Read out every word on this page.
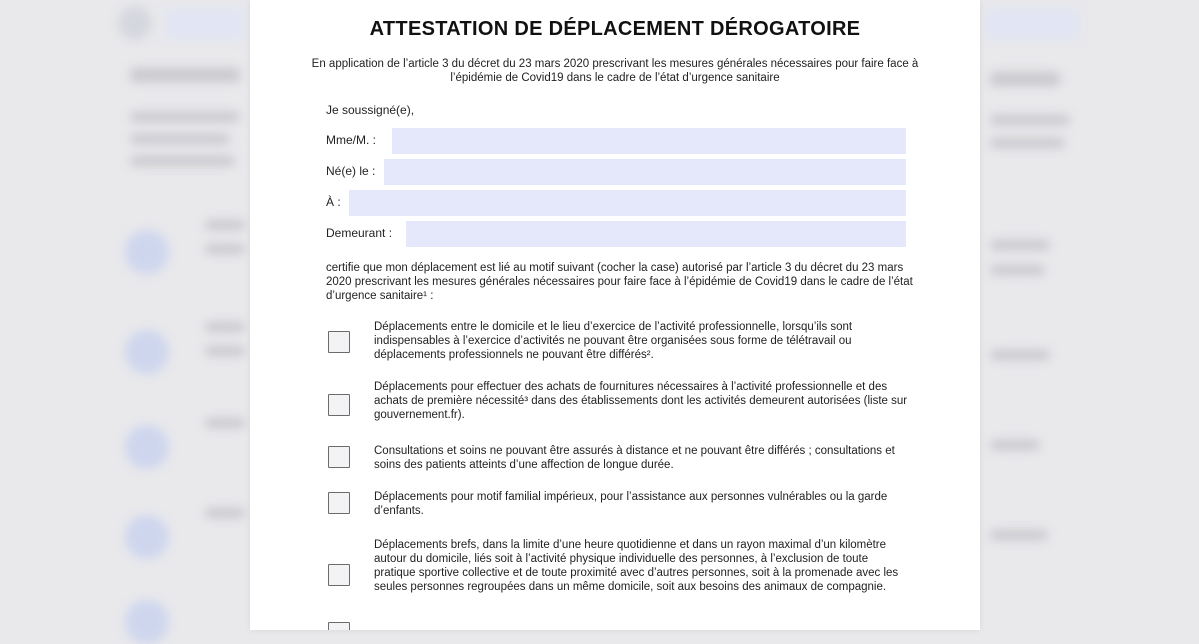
ATTESTATION DE DÉPLACEMENT DÉROGATOIRE
En application de l’article 3 du décret du 23 mars 2020 prescrivant les mesures générales nécessaires pour faire face à l’épidémie de Covid19 dans le cadre de l’état d’urgence sanitaire
Je soussigné(e),
Mme/M. :
Né(e) le :
À :
Demeurant :
certifie que mon déplacement est lié au motif suivant (cocher la case) autorisé par l’article 3 du décret du 23 mars 2020 prescrivant les mesures générales nécessaires pour faire face à l’épidémie de Covid19 dans le cadre de l’état d’urgence sanitaire¹ :
Déplacements entre le domicile et le lieu d’exercice de l’activité professionnelle, lorsqu’ils sont indispensables à l’exercice d’activités ne pouvant être organisées sous forme de télétravail ou déplacements professionnels ne pouvant être différés².
Déplacements pour effectuer des achats de fournitures nécessaires à l’activité professionnelle et des achats de première nécessité³ dans des établissements dont les activités demeurent autorisées (liste sur gouvernement.fr).
Consultations et soins ne pouvant être assurés à distance et ne pouvant être différés ; consultations et soins des patients atteints d’une affection de longue durée.
Déplacements pour motif familial impérieux, pour l’assistance aux personnes vulnérables ou la garde d’enfants.
Déplacements brefs, dans la limite d’une heure quotidienne et dans un rayon maximal d’un kilomètre autour du domicile, liés soit à l’activité physique individuelle des personnes, à l’exclusion de toute pratique sportive collective et de toute proximité avec d’autres personnes, soit à la promenade avec les seules personnes regroupées dans un même domicile, soit aux besoins des animaux de compagnie.
